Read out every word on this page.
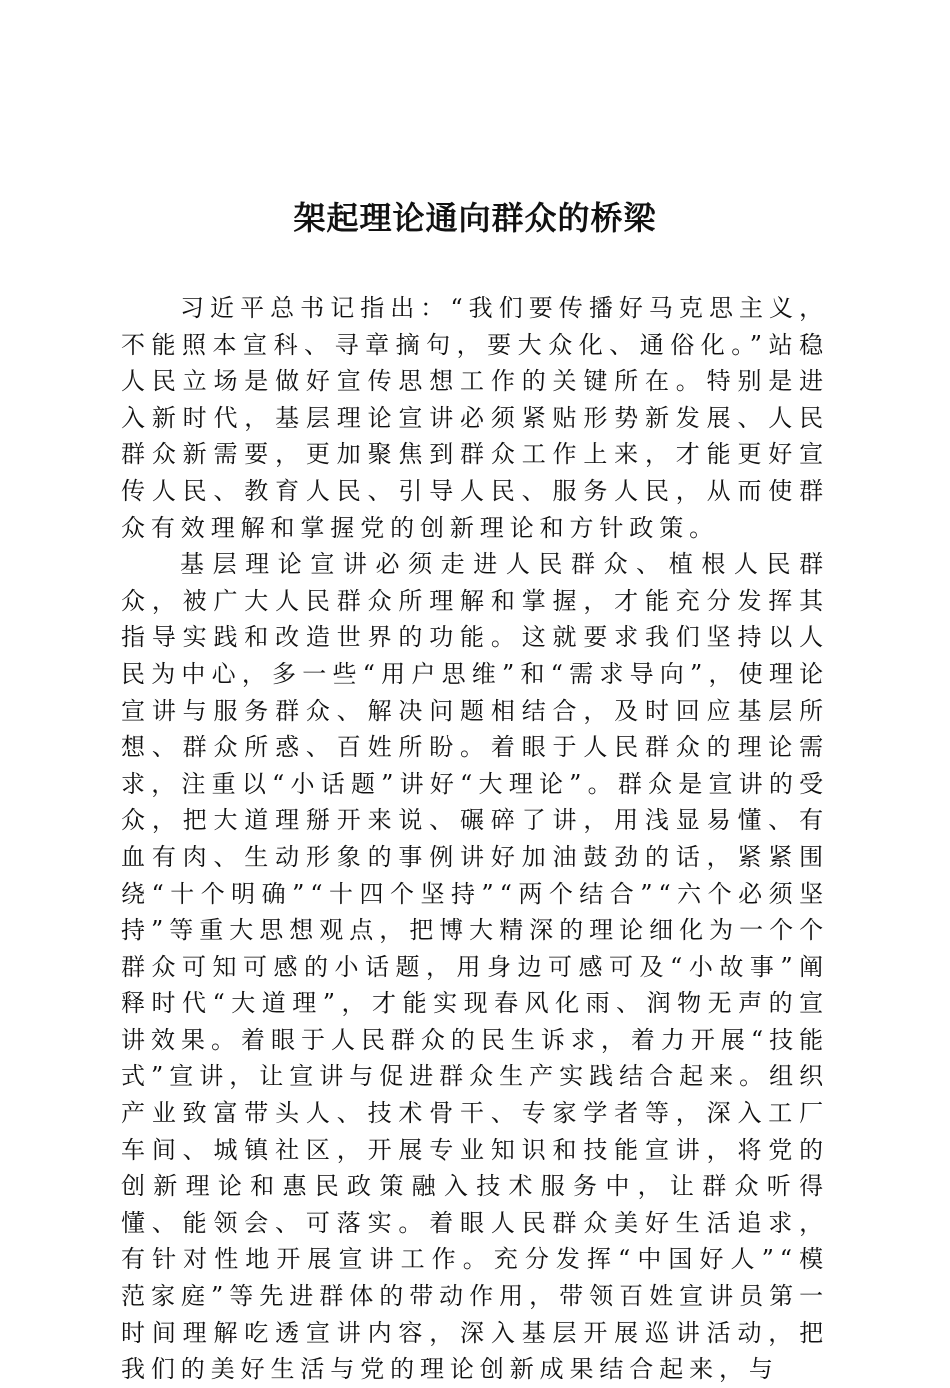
架起理论通向群众的桥梁

习近平总书记指出：“我们要传播好马克思主义，不能照本宣科、寻章摘句，要大众化、通俗化。”站稳人民立场是做好宣传思想工作的关键所在。特别是进入新时代，基层理论宣讲必须紧贴形势新发展、人民群众新需要，更加聚焦到群众工作上来，才能更好宣传人民、教育人民、引导人民、服务人民，从而使群众有效理解和掌握党的创新理论和方针政策。

基层理论宣讲必须走进人民群众、植根人民群众，被广大人民群众所理解和掌握，才能充分发挥其指导实践和改造世界的功能。这就要求我们坚持以人民为中心，多一些“用户思维”和“需求导向”，使理论宣讲与服务群众、解决问题相结合，及时回应基层所想、群众所惑、百姓所盼。着眼于人民群众的理论需求，注重以“小话题”讲好“大理论”。群众是宣讲的受众，把大道理掰开来说、碾碎了讲，用浅显易懂、有血有肉、生动形象的事例讲好加油鼓劲的话，紧紧围绕“十个明确”“十四个坚持”“两个结合”“六个必须坚持”等重大思想观点，把博大精深的理论细化为一个个群众可知可感的小话题，用身边可感可及“小故事”阐释时代“大道理”，才能实现春风化雨、润物无声的宣讲效果。着眼于人民群众的民生诉求，着力开展“技能式”宣讲，让宣讲与促进群众生产实践结合起来。组织产业致富带头人、技术骨干、专家学者等，深入工厂车间、城镇社区，开展专业知识和技能宣讲，将党的创新理论和惠民政策融入技术服务中，让群众听得懂、能领会、可落实。着眼人民群众美好生活追求，有针对性地开展宣讲工作。充分发挥“中国好人”“模范家庭”等先进群体的带动作用，带领百姓宣讲员第一时间理解吃透宣讲内容，深入基层开展巡讲活动，把我们的美好生活与党的理论创新成果结合起来，与
